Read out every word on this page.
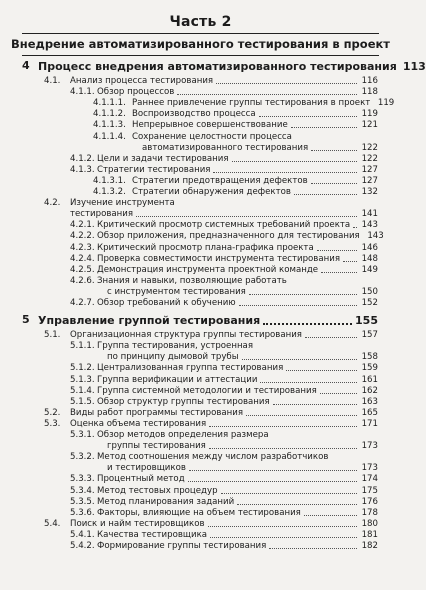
Часть 2
Внедрение автоматизированного тестирования в проект
4 Процесс внедрения автоматизированного тестирования 113
4.1. Анализ процесса тестирования	116
4.1.1. Обзор процессов	118
4.1.1.1. Раннее привлечение группы тестирования в проект 119
4.1.1.2. Воспроизводство процесса	119
4.1.1.3. Непрерывное совершенствование	121
4.1.1.4. Сохранение целостности процесса
автоматизированного тестирования	122
4.1.2. Цели и задачи тестирования	122
4.1.3. Стратегии тестирования	127
4.1.3.1. Стратегии предотвращения дефектов	127
4.1.3.2. Стратегии обнаружения дефектов	132
4.2. Изучение инструмента
тестирования	141
4.2.1. Критический просмотр системных требований проекта 143
4.2.2. Обзор приложения, предназначенного для тестирования 143
4.2.3. Критический просмотр плана-графика проекта	146
4.2.4. Проверка совместимости инструмента тестирования	148
4.2.5. Демонстрация инструмента проектной команде	149
4.2.6. Знания и навыки, позволяющие работать
с инструментом тестирования	150
4.2.7. Обзор требований к обучению	152
5 Управление группой тестирования	155
5.1. Организационная структура группы тестирования	157
5.1.1. Группа тестирования, устроенная
по принципу дымовой трубы	158
5.1.2. Централизованная группа тестирования	159
5.1.3. Группа верификации и аттестации	161
5.1.4. Группа системной методологии и тестирования	162
5.1.5. Обзор структур группы тестирования	163
5.2. Виды работ программы тестирования	165
5.3. Оценка объема тестирования	171
5.3.1. Обзор методов определения размера
группы тестирования	173
5.3.2. Метод соотношения между числом разработчиков
и тестировщиков	173
5.3.3. Процентный метод	174
5.3.4. Метод тестовых процедур	175
5.3.5. Метод планирования заданий	176
5.3.6. Факторы, влияющие на объем тестирования	178
5.4. Поиск и найм тестировщиков	180
5.4.1. Качества тестировщика	181
5.4.2. Формирование группы тестирования	182
